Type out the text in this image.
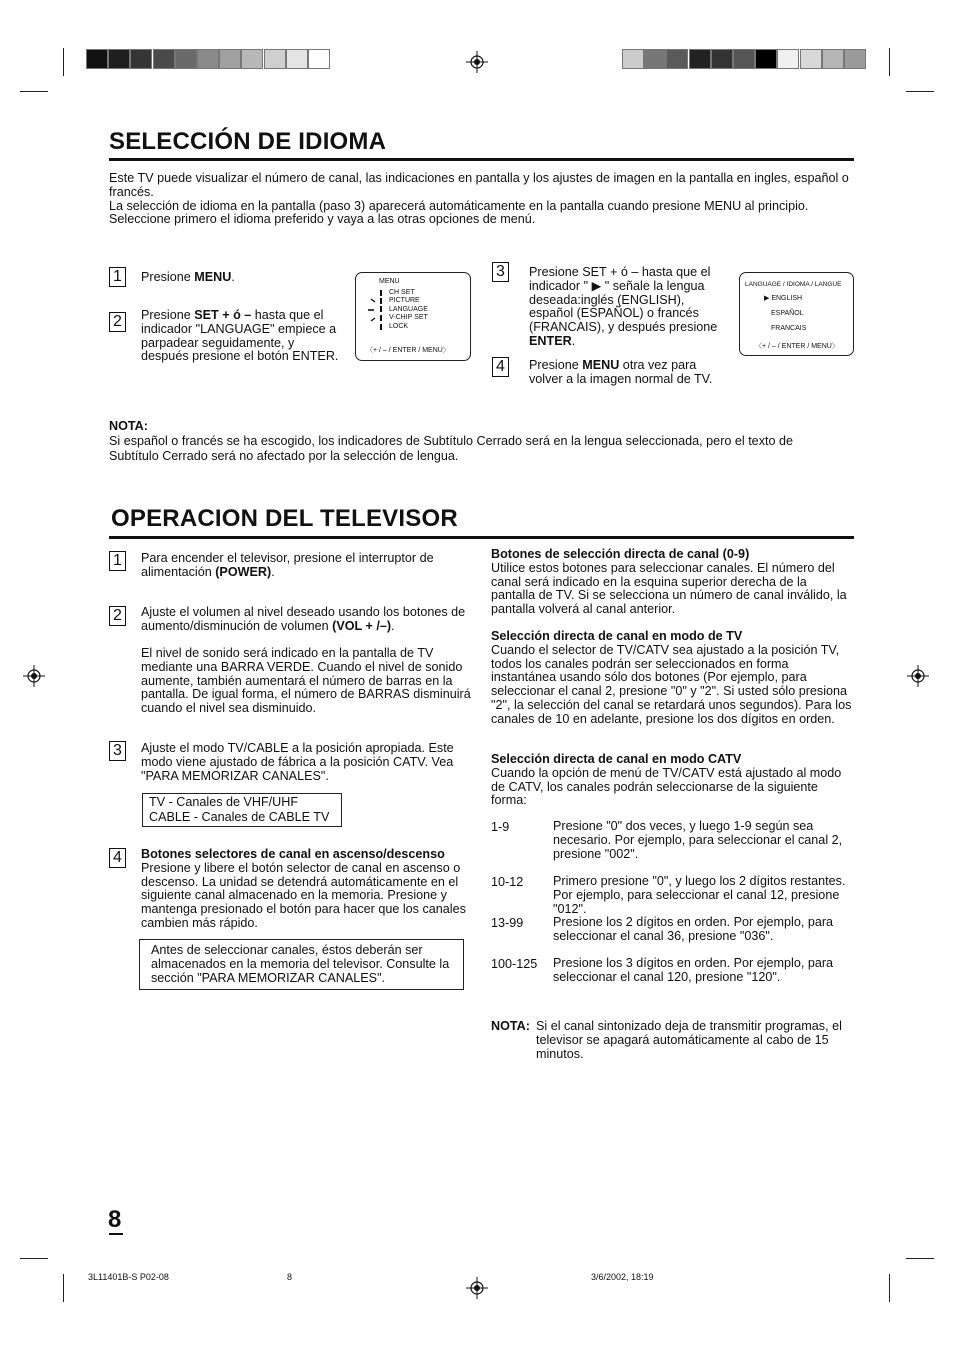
SELECCIÓN DE IDIOMA
Este TV puede visualizar el número de canal, las indicaciones en pantalla y los ajustes de imagen en la pantalla en ingles, español o francés.
La selección de idioma en la pantalla (paso 3) aparecerá automáticamente en la pantalla cuando presione MENU al principio.
Seleccione primero el idioma preferido y vaya a las otras opciones de menú.
1	Presione MENU.
2	Presione SET + ó – hasta que el indicador "LANGUAGE" empiece a parpadear seguidamente, y después presione el botón ENTER.
MENU
CH SET
PICTURE
LANGUAGE
V-CHIP SET
LOCK
〈+ / – / ENTER / MENU〉
3	Presione SET + ó – hasta que el indicador " ▶ " señale la lengua deseada:inglés (ENGLISH), español (ESPAÑOL) o francés (FRANCAIS), y después presione ENTER.
4	Presione MENU otra vez para volver a la imagen normal de TV.
LANGUAGE / IDIOMA / LANGUE
▶ ENGLISH
ESPAÑOL
FRANCAIS
〈+ / – / ENTER / MENU〉
NOTA:
Si español o francés se ha escogido, los indicadores de Subtítulo Cerrado será en la lengua seleccionada, pero el texto de Subtítulo Cerrado será no afectado por la selección de lengua.
OPERACION DEL TELEVISOR
1	Para encender el televisor, presione el interruptor de alimentación (POWER).
2	Ajuste el volumen al nivel deseado usando los botones de aumento/disminución de volumen (VOL + /–).
El nivel de sonido será indicado en la pantalla de TV mediante una BARRA VERDE. Cuando el nivel de sonido aumente, también aumentará el número de barras en la pantalla. De igual forma, el número de BARRAS disminuirá cuando el nivel sea disminuido.
3	Ajuste el modo TV/CABLE a la posición apropiada. Este modo viene ajustado de fábrica a la posición CATV. Vea "PARA MEMORIZAR CANALES".
TV - Canales de VHF/UHF
CABLE - Canales de CABLE TV
4	Botones selectores de canal en ascenso/descenso
Presione y libere el botón selector de canal en ascenso o descenso. La unidad se detendrá automáticamente en el siguiente canal almacenado en la memoria. Presione y mantenga presionado el botón para hacer que los canales cambien más rápido.
Antes de seleccionar canales, éstos deberán ser almacenados en la memoria del televisor. Consulte la sección "PARA MEMORIZAR CANALES".
Botones de selección directa de canal (0-9)
Utilice estos botones para seleccionar canales. El número del canal será indicado en la esquina superior derecha de la pantalla de TV. Si se selecciona un número de canal inválido, la pantalla volverá al canal anterior.
Selección directa de canal en modo de TV
Cuando el selector de TV/CATV sea ajustado a la posición TV, todos los canales podrán ser seleccionados en forma instantánea usando sólo dos botones (Por ejemplo, para seleccionar el canal 2, presione "0" y "2". Si usted sólo presiona "2", la selección del canal se retardará unos segundos). Para los canales de 10 en adelante, presione los dos dígitos en orden.
Selección directa de canal en modo CATV
Cuando la opción de menú de TV/CATV está ajustado al modo de CATV, los canales podrán seleccionarse de la siguiente forma:
1-9	Presione "0" dos veces, y luego 1-9 según sea necesario. Por ejemplo, para seleccionar el canal 2, presione "002".
10-12 Primero presione "0", y luego los 2 dígitos restantes. Por ejemplo, para seleccionar el canal 12, presione "012".
13-99 Presione los 2 dígitos en orden. Por ejemplo, para seleccionar el canal 36, presione "036".
100-125 Presione los 3 dígitos en orden. Por ejemplo, para seleccionar el canal 120, presione "120".
NOTA: Si el canal sintonizado deja de transmitir programas, el televisor se apagará automáticamente al cabo de 15 minutos.
8
3L11401B-S P02-08	8	3/6/2002, 18:19
